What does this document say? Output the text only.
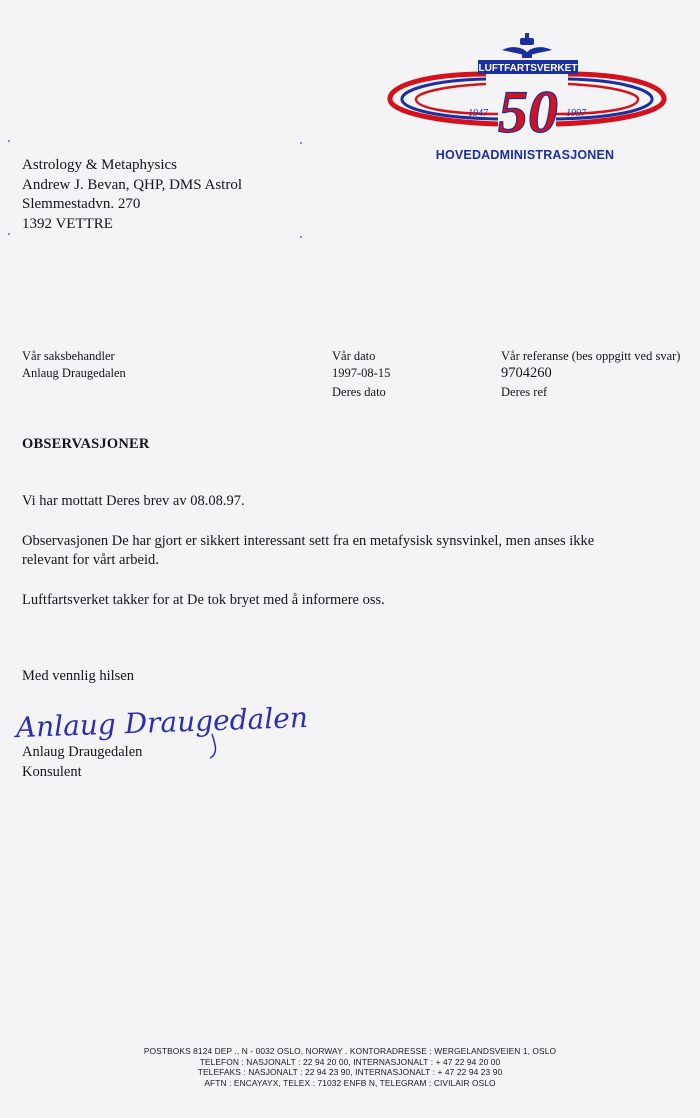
LUFTFARTSVERKET
50
1947	1997
HOVEDADMINISTRASJONEN
Astrology & Metaphysics
Andrew J. Bevan, QHP, DMS Astrol
Slemmestadvn. 270
1392 VETTRE
Vår saksbehandler
Anlaug Draugedalen
Vår dato
1997-08-15
Deres dato
Vår referanse (bes oppgitt ved svar)
9704260
Deres ref
OBSERVASJONER
Vi har mottatt Deres brev av 08.08.97.
Observasjonen De har gjort er sikkert interessant sett fra en metafysisk synsvinkel, men anses ikke relevant for vårt arbeid.
Luftfartsverket takker for at De tok bryet med å informere oss.
Med vennlig hilsen
Anlaug Draugedalen
Anlaug Draugedalen
Konsulent
POSTBOKS 8124 DEP ., N - 0032 OSLO, NORWAY . KONTORADRESSE : WERGELANDSVEIEN 1, OSLO
TELEFON : NASJONALT : 22 94 20 00, INTERNASJONALT : + 47 22 94 20 00
TELEFAKS : NASJONALT : 22 94 23 90, INTERNASJONALT : + 47 22 94 23 90
AFTN : ENCAYAYX, TELEX : 71032 ENFB N, TELEGRAM : CIVILAIR OSLO
